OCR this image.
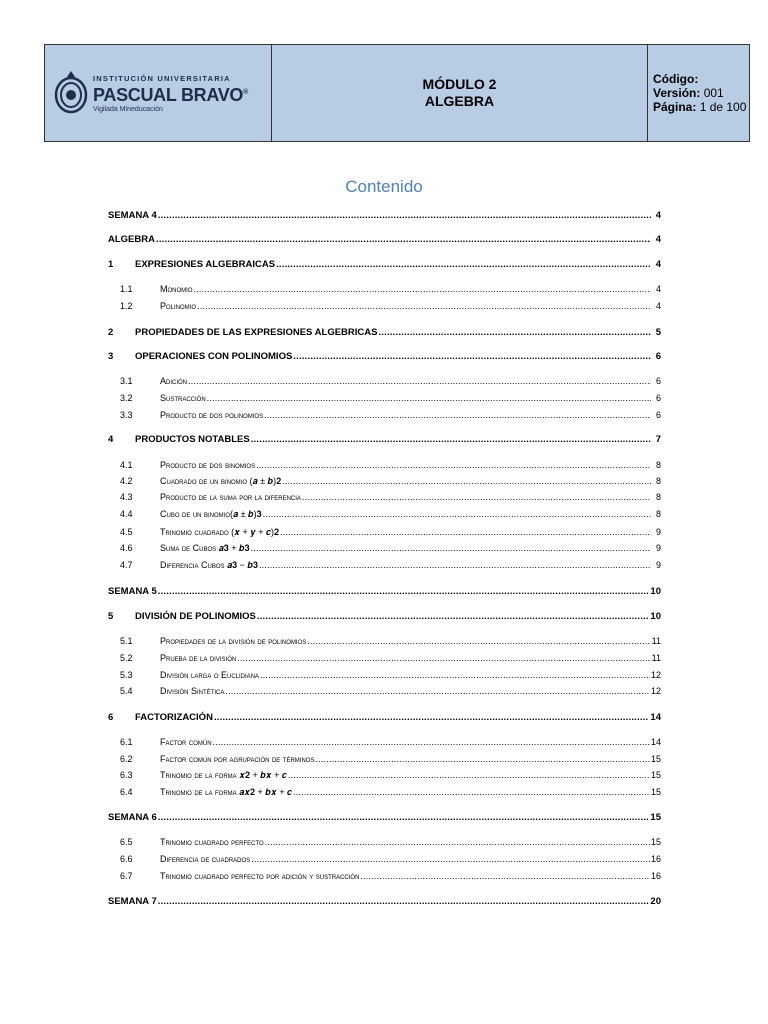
INSTITUCIÓN UNIVERSITARIA
PASCUAL BRAVO®
Vigilada Mineducación
MÓDULO 2
ALGEBRA
Código:
Versión: 001
Página: 1 de 100
Contenido
SEMANA 4 .....	4
ALGEBRA .....	4
1	EXPRESIONES ALGEBRAICAS .....	4
1.1	Monomio .....	4
1.2	Polinomio .....	4
2	PROPIEDADES DE LAS EXPRESIONES ALGEBRICAS .....	5
3	OPERACIONES CON POLINOMIOS .....	6
3.1	Adición .....	6
3.2	Sustracción .....	6
3.3	Producto de dos polinomios .....	6
4	PRODUCTOS NOTABLES .....	7
4.1	Producto de dos binomios .....	8
4.2	Cuadrado de un binomio (𝒂 ± 𝒃)𝟐 .....	8
4.3	Producto de la suma por la diferencia .....	8
4.4	Cubo de un binomio(𝒂 ± 𝒃)𝟑 .....	8
4.5	Trinomio cuadrado (𝒙 + 𝒚 + 𝒄)𝟐 .....	9
4.6	Suma de Cubos 𝒂𝟑 + 𝒃𝟑 .....	9
4.7	Diferencia Cubos 𝒂𝟑 − 𝒃𝟑 .....	9
SEMANA 5 .....	10
5	DIVISIÓN DE POLINOMIOS .....	10
5.1	Propiedades de la división de polinomios .....	11
5.2	Prueba de la división .....	11
5.3	División larga o Euclidiana .....	12
5.4	División Sintética .....	12
6	FACTORIZACIÓN .....	14
6.1	Factor común .....	14
6.2	Factor común por agrupación de términos .....	15
6.3	Trinomio de la forma 𝒙𝟐 + 𝒃𝒙 + 𝒄 .....	15
6.4	Trinomio de la forma 𝒂𝒙𝟐 + 𝒃𝒙 + 𝒄 .....	15
SEMANA 6 .....	15
6.5	Trinomio cuadrado perfecto .....	15
6.6	Diferencia de cuadrados .....	16
6.7	Trinomio cuadrado perfecto por adición y sustracción .....	16
SEMANA 7 .....	20
